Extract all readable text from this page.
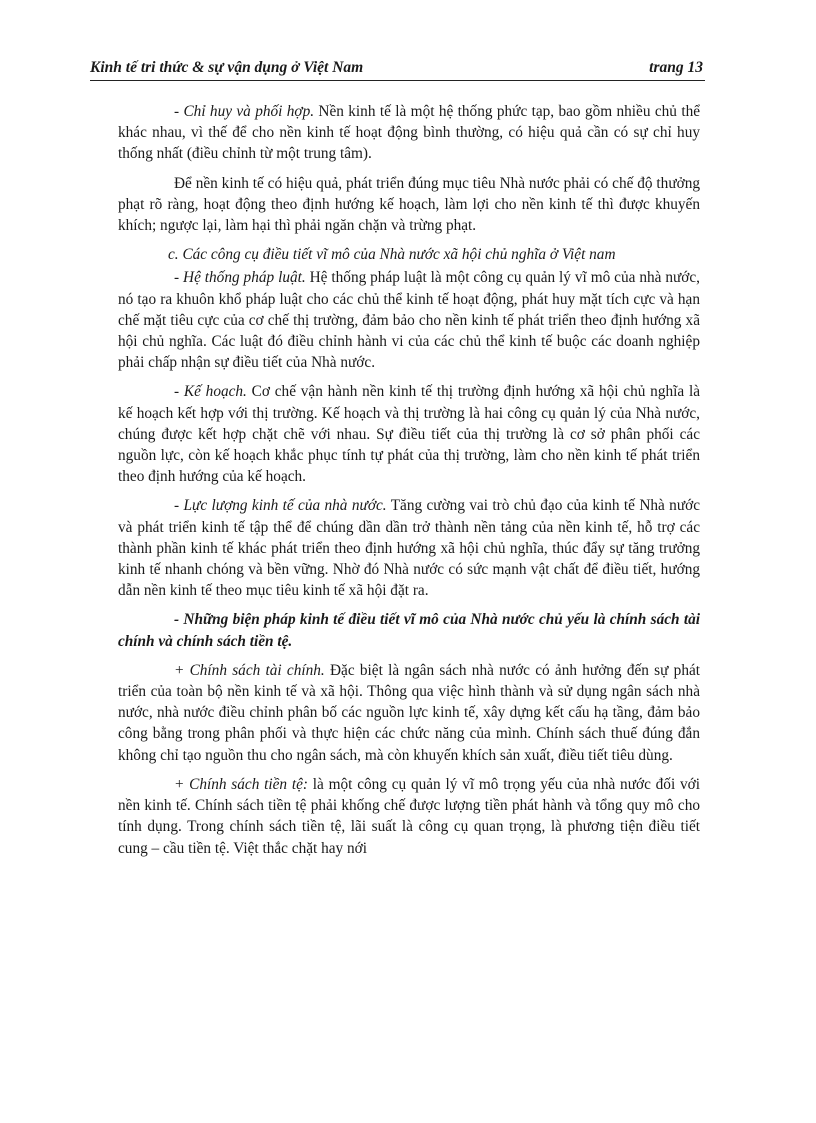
Kinh tế tri thức & sự vận dụng ở Việt Nam	trang 13

- Chỉ huy và phối hợp. Nền kinh tế là một hệ thống phức tạp, bao gồm nhiều chủ thể khác nhau, vì thế để cho nền kinh tế hoạt động bình thường, có hiệu quả cần có sự chỉ huy thống nhất (điều chỉnh từ một trung tâm).

Để nền kinh tế có hiệu quả, phát triển đúng mục tiêu Nhà nước phải có chế độ thưởng phạt rõ ràng, hoạt động theo định hướng kế hoạch, làm lợi cho nền kinh tế thì được khuyến khích; ngược lại, làm hại thì phải ngăn chặn và trừng phạt.

c. Các công cụ điều tiết vĩ mô của Nhà nước xã hội chủ nghĩa ở Việt nam

- Hệ thống pháp luật. Hệ thống pháp luật là một công cụ quản lý vĩ mô của nhà nước, nó tạo ra khuôn khổ pháp luật cho các chủ thể kinh tế hoạt động, phát huy mặt tích cực và hạn chế mặt tiêu cực của cơ chế thị trường, đảm bảo cho nền kinh tế phát triển theo định hướng xã hội chủ nghĩa. Các luật đó điều chỉnh hành vi của các chủ thể kinh tế buộc các doanh nghiệp phải chấp nhận sự điều tiết của Nhà nước.

- Kế hoạch. Cơ chế vận hành nền kinh tế thị trường định hướng xã hội chủ nghĩa là kế hoạch kết hợp với thị trường. Kế hoạch và thị trường là hai công cụ quản lý của Nhà nước, chúng được kết hợp chặt chẽ với nhau. Sự điều tiết của thị trường là cơ sở phân phối các nguồn lực, còn kế hoạch khắc phục tính tự phát của thị trường, làm cho nền kinh tế phát triển theo định hướng của kế hoạch.

- Lực lượng kinh tế của nhà nước. Tăng cường vai trò chủ đạo của kinh tế Nhà nước và phát triển kinh tế tập thể để chúng dần dần trở thành nền tảng của nền kinh tế, hỗ trợ các thành phần kinh tế khác phát triển theo định hướng xã hội chủ nghĩa, thúc đẩy sự tăng trưởng kinh tế nhanh chóng và bền vững. Nhờ đó Nhà nước có sức mạnh vật chất để điều tiết, hướng dẫn nền kinh tế theo mục tiêu kinh tế xã hội đặt ra.

- Những biện pháp kinh tế điều tiết vĩ mô của Nhà nước chủ yếu là chính sách tài chính và chính sách tiền tệ.

+ Chính sách tài chính. Đặc biệt là ngân sách nhà nước có ảnh hưởng đến sự phát triển của toàn bộ nền kinh tế và xã hội. Thông qua việc hình thành và sử dụng ngân sách nhà nước, nhà nước điều chỉnh phân bố các nguồn lực kinh tế, xây dựng kết cấu hạ tầng, đảm bảo công bằng trong phân phối và thực hiện các chức năng của mình. Chính sách thuế đúng đắn không chỉ tạo nguồn thu cho ngân sách, mà còn khuyến khích sản xuất, điều tiết tiêu dùng.

+ Chính sách tiền tệ: là một công cụ quản lý vĩ mô trọng yếu của nhà nước đối với nền kinh tế. Chính sách tiền tệ phải khống chế được lượng tiền phát hành và tổng quy mô cho tính dụng. Trong chính sách tiền tệ, lãi suất là công cụ quan trọng, là phương tiện điều tiết cung – cầu tiền tệ. Việt thắc chặt hay nới
